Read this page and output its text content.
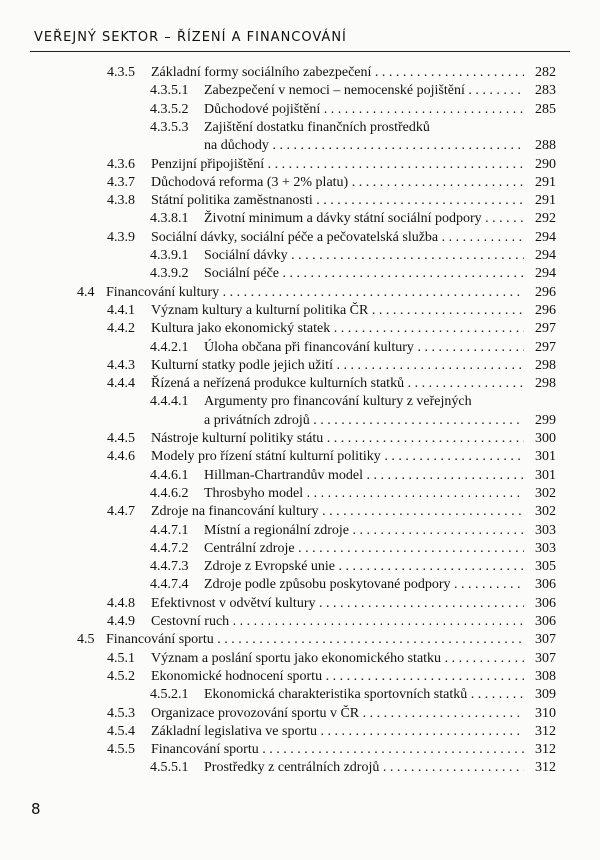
VEŘEJNÝ SEKTOR – ŘÍZENÍ A FINANCOVÁNÍ
4.3.5 Základní formy sociálního zabezpečení . . .	282
4.3.5.1 Zabezpečení v nemoci – nemocenské pojištění . . .	283
4.3.5.2 Důchodové pojištění . . .	285
4.3.5.3 Zajištění dostatku finančních prostředků
na důchody . . .	288
4.3.6 Penzijní připojištění . . .	290
4.3.7 Důchodová reforma (3 + 2% platu) . . .	291
4.3.8 Státní politika zaměstnanosti . . .	291
4.3.8.1 Životní minimum a dávky státní sociální podpory . . .	292
4.3.9 Sociální dávky, sociální péče a pečovatelská služba . . .	294
4.3.9.1 Sociální dávky . . .	294
4.3.9.2 Sociální péče . . .	294
4.4 Financování kultury . . .	296
4.4.1 Význam kultury a kulturní politika ČR . . .	296
4.4.2 Kultura jako ekonomický statek . . .	297
4.4.2.1 Úloha občana při financování kultury . . .	297
4.4.3 Kulturní statky podle jejich užití . . .	298
4.4.4 Řízená a neřízená produkce kulturních statků . . .	298
4.4.4.1 Argumenty pro financování kultury z veřejných
a privátních zdrojů . . .	299
4.4.5 Nástroje kulturní politiky státu . . .	300
4.4.6 Modely pro řízení státní kulturní politiky . . .	301
4.4.6.1 Hillman-Chartrandův model . . .	301
4.4.6.2 Throsbyho model . . .	302
4.4.7 Zdroje na financování kultury . . .	302
4.4.7.1 Místní a regionální zdroje . . .	303
4.4.7.2 Centrální zdroje . . .	303
4.4.7.3 Zdroje z Evropské unie . . .	305
4.4.7.4 Zdroje podle způsobu poskytované podpory . . .	306
4.4.8 Efektivnost v odvětví kultury . . .	306
4.4.9 Cestovní ruch . . .	306
4.5 Financování sportu . . .	307
4.5.1 Význam a poslání sportu jako ekonomického statku . . .	307
4.5.2 Ekonomické hodnocení sportu . . .	308
4.5.2.1 Ekonomická charakteristika sportovních statků . . .	309
4.5.3 Organizace provozování sportu v ČR . . .	310
4.5.4 Základní legislativa ve sportu . . .	312
4.5.5 Financování sportu . . .	312
4.5.5.1 Prostředky z centrálních zdrojů . . .	312
8
